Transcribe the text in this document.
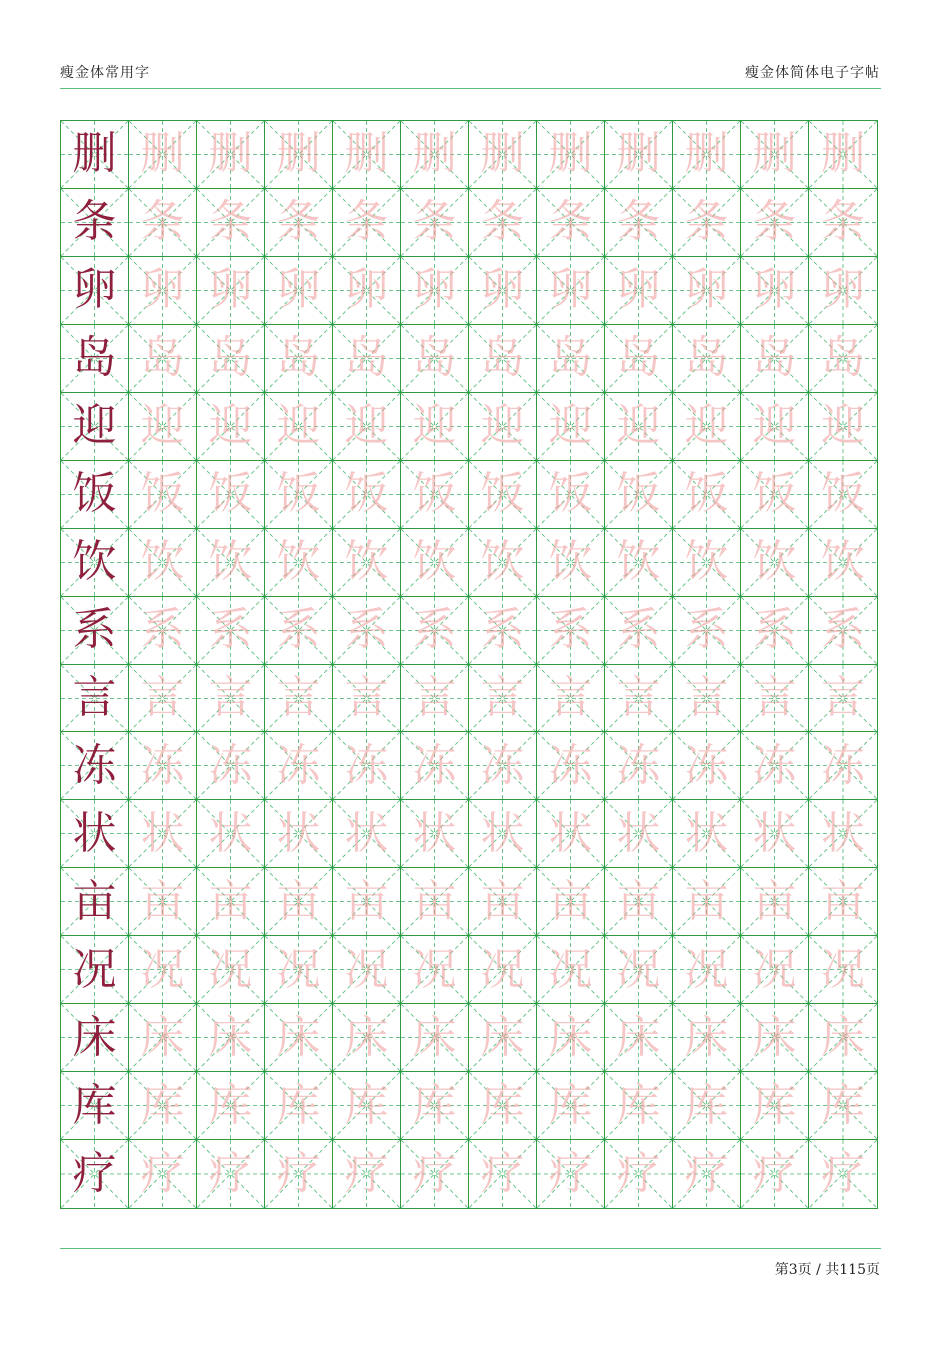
瘦金体常用字	瘦金体简体电子字帖
删 删 删 删 删 删 删 删 删 删 删 删
条 条 条 条 条 条 条 条 条 条 条 条
卵 卵 卵 卵 卵 卵 卵 卵 卵 卵 卵 卵
岛 岛 岛 岛 岛 岛 岛 岛 岛 岛 岛 岛
迎 迎 迎 迎 迎 迎 迎 迎 迎 迎 迎 迎
饭 饭 饭 饭 饭 饭 饭 饭 饭 饭 饭 饭
饮 饮 饮 饮 饮 饮 饮 饮 饮 饮 饮 饮
系 系 系 系 系 系 系 系 系 系 系 系
言 言 言 言 言 言 言 言 言 言 言 言
冻 冻 冻 冻 冻 冻 冻 冻 冻 冻 冻 冻
状 状 状 状 状 状 状 状 状 状 状 状
亩 亩 亩 亩 亩 亩 亩 亩 亩 亩 亩 亩
况 况 况 况 况 况 况 况 况 况 况 况
床 床 床 床 床 床 床 床 床 床 床 床
库 库 库 库 库 库 库 库 库 库 库 库
疗 疗 疗 疗 疗 疗 疗 疗 疗 疗 疗 疗
第3页 / 共115页
